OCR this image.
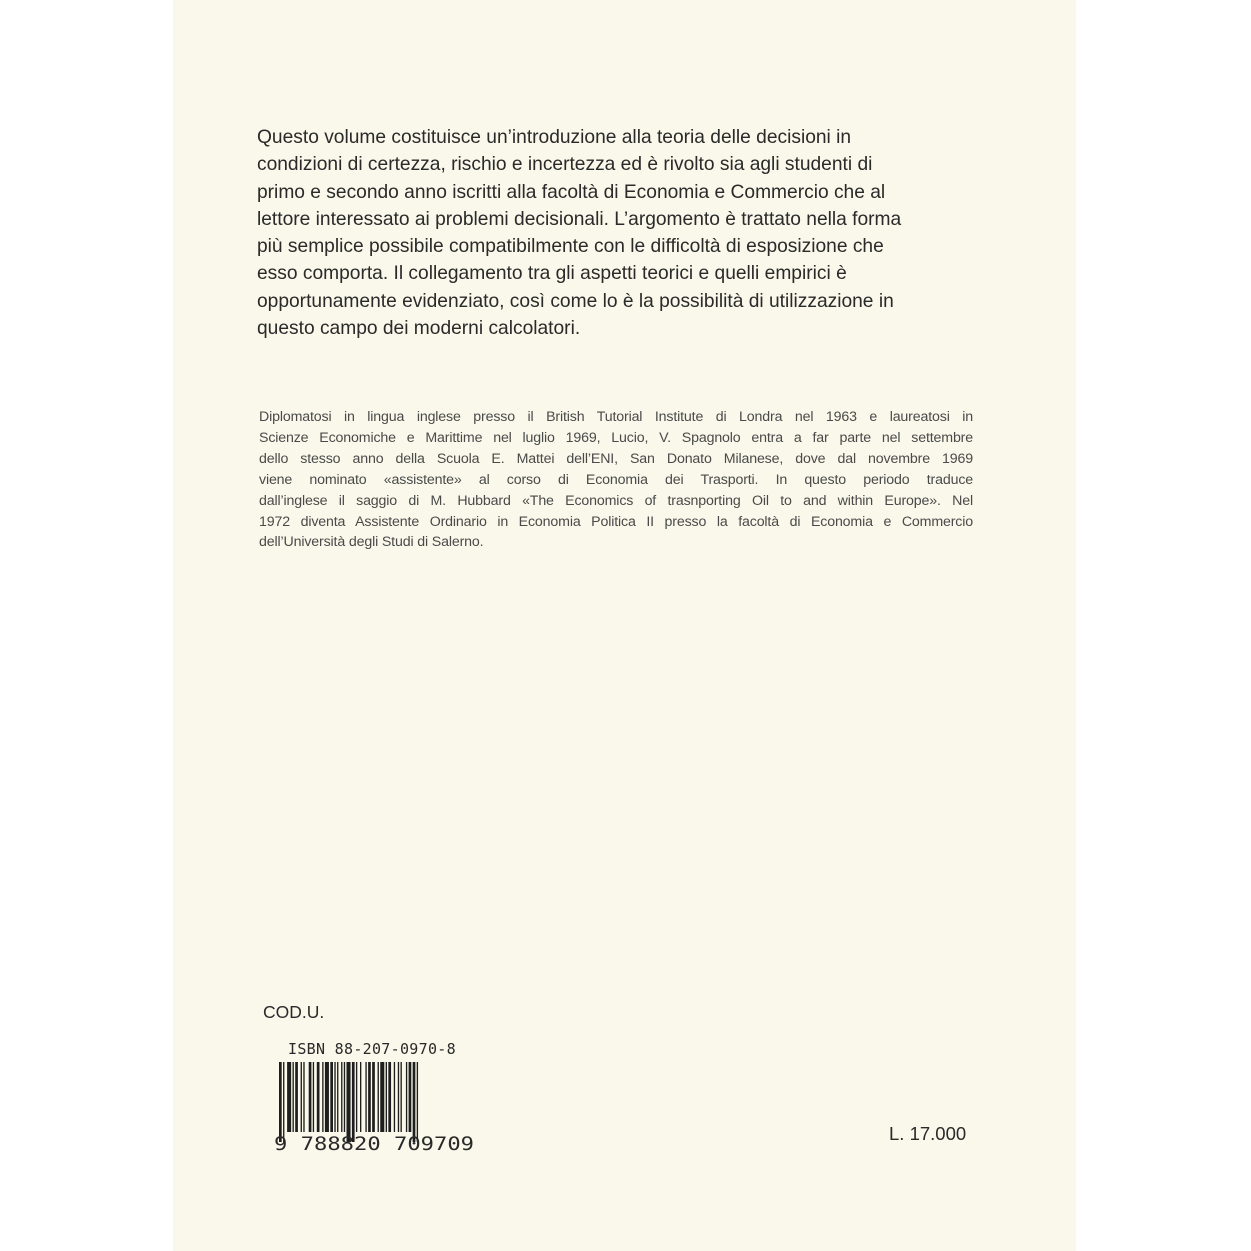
Questo volume costituisce un’introduzione alla teoria delle decisioni in
condizioni di certezza, rischio e incertezza ed è rivolto sia agli studenti di
primo e secondo anno iscritti alla facoltà di Economia e Commercio che al
lettore interessato ai problemi decisionali. L’argomento è trattato nella forma
più semplice possibile compatibilmente con le difficoltà di esposizione che
esso comporta. Il collegamento tra gli aspetti teorici e quelli empirici è
opportunamente evidenziato, così come lo è la possibilità di utilizzazione in
questo campo dei moderni calcolatori.

Diplomatosi in lingua inglese presso il British Tutorial Institute di Londra nel 1963 e laureatosi in
Scienze Economiche e Marittime nel luglio 1969, Lucio, V. Spagnolo entra a far parte nel settembre
dello stesso anno della Scuola E. Mattei dell’ENI, San Donato Milanese, dove dal novembre 1969
viene nominato «assistente» al corso di Economia dei Trasporti. In questo periodo traduce
dall’inglese il saggio di M. Hubbard «The Economics of trasnporting Oil to and within Europe». Nel
1972 diventa Assistente Ordinario in Economia Politica II presso la facoltà di Economia e Commercio
dell’Università degli Studi di Salerno.

COD.U.
ISBN 88-207-0970-8
9 788820 709709	L. 17.000
